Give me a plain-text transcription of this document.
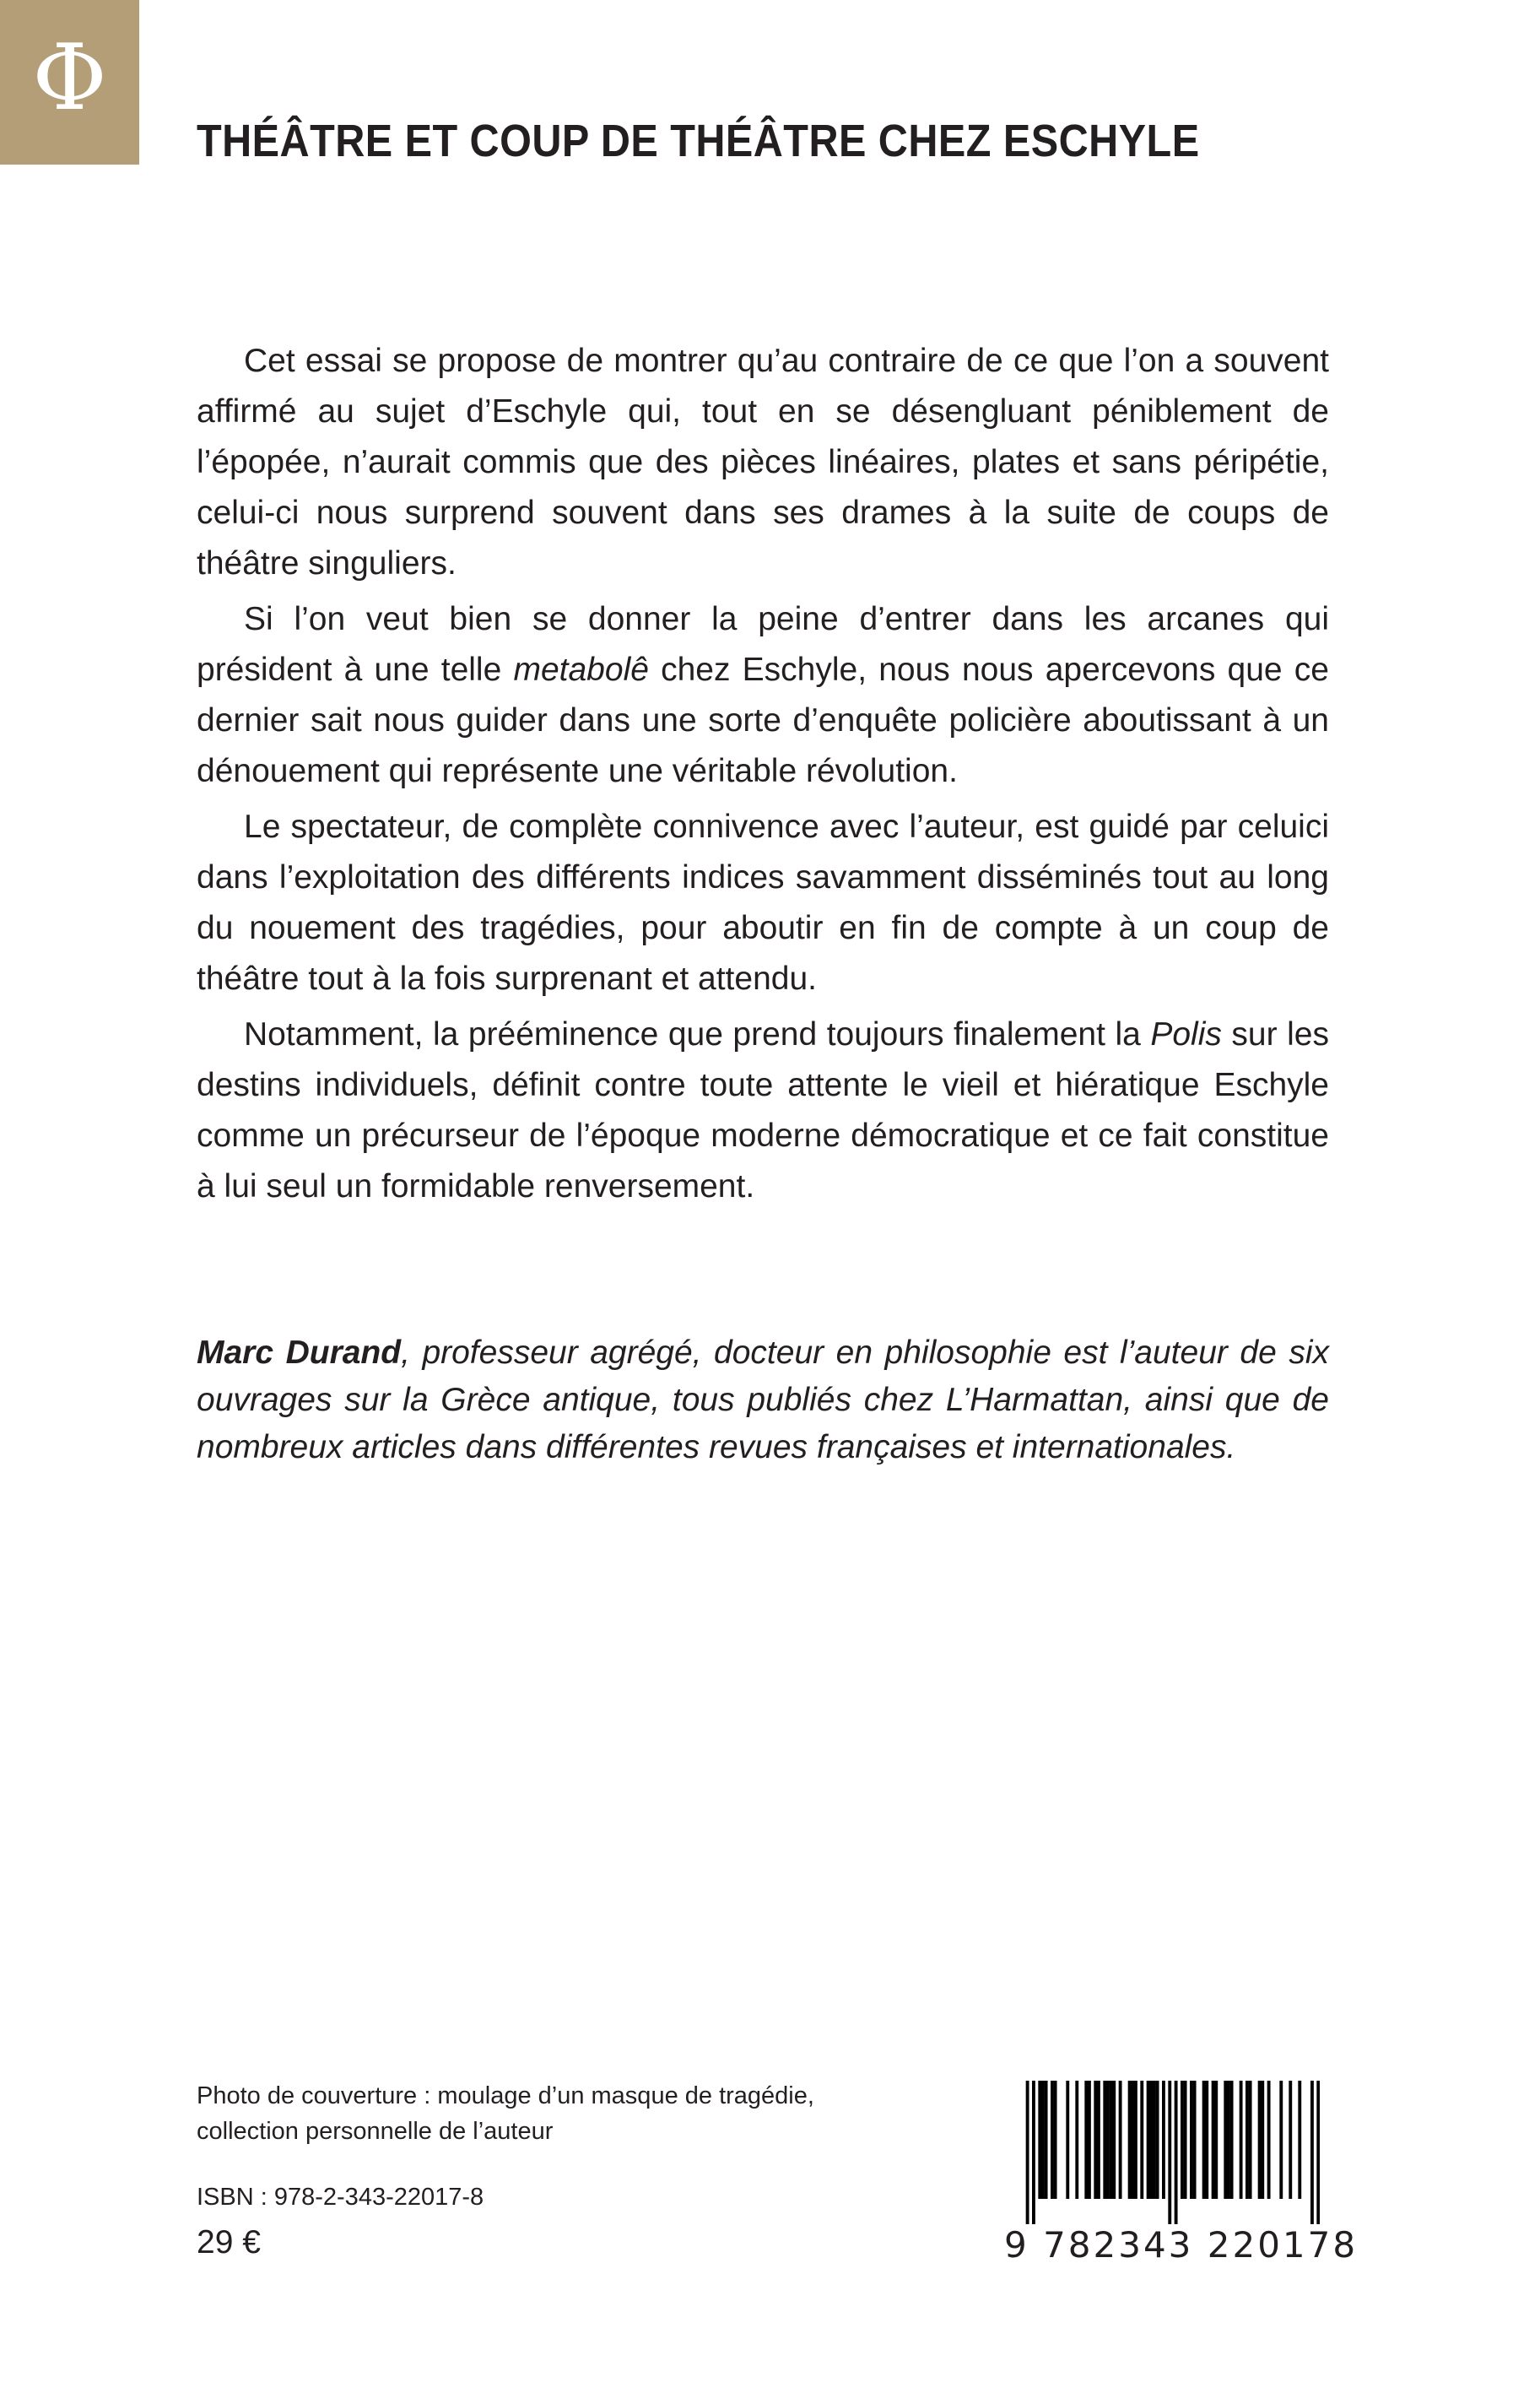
Φ
THÉÂTRE ET COUP DE THÉÂTRE CHEZ ESCHYLE

Cet essai se propose de montrer qu’au contraire de ce que l’on a souvent affirmé au sujet d’Eschyle qui, tout en se désengluant péniblement de l’épopée, n’aurait commis que des pièces linéaires, plates et sans péripétie, celui-ci nous surprend souvent dans ses drames à la suite de coups de théâtre singuliers.

Si l’on veut bien se donner la peine d’entrer dans les arcanes qui président à une telle metabolê chez Eschyle, nous nous apercevons que ce dernier sait nous guider dans une sorte d’enquête policière aboutissant à un dénouement qui représente une véritable révolution.

Le spectateur, de complète connivence avec l’auteur, est guidé par celuici dans l’exploitation des différents indices savamment disséminés tout au long du nouement des tragédies, pour aboutir en fin de compte à un coup de théâtre tout à la fois surprenant et attendu.

Notamment, la prééminence que prend toujours finalement la Polis sur les destins individuels, définit contre toute attente le vieil et hiératique Eschyle comme un précurseur de l’époque moderne démocratique et ce fait constitue à lui seul un formidable renversement.

Marc Durand, professeur agrégé, docteur en philosophie est l’auteur de six ouvrages sur la Grèce antique, tous publiés chez L’Harmattan, ainsi que de nombreux articles dans différentes revues françaises et internationales.
Photo de couverture : moulage d’un masque de tragédie,
collection personnelle de l’auteur
ISBN : 978-2-343-22017-8
29 €	9 782343 220178
